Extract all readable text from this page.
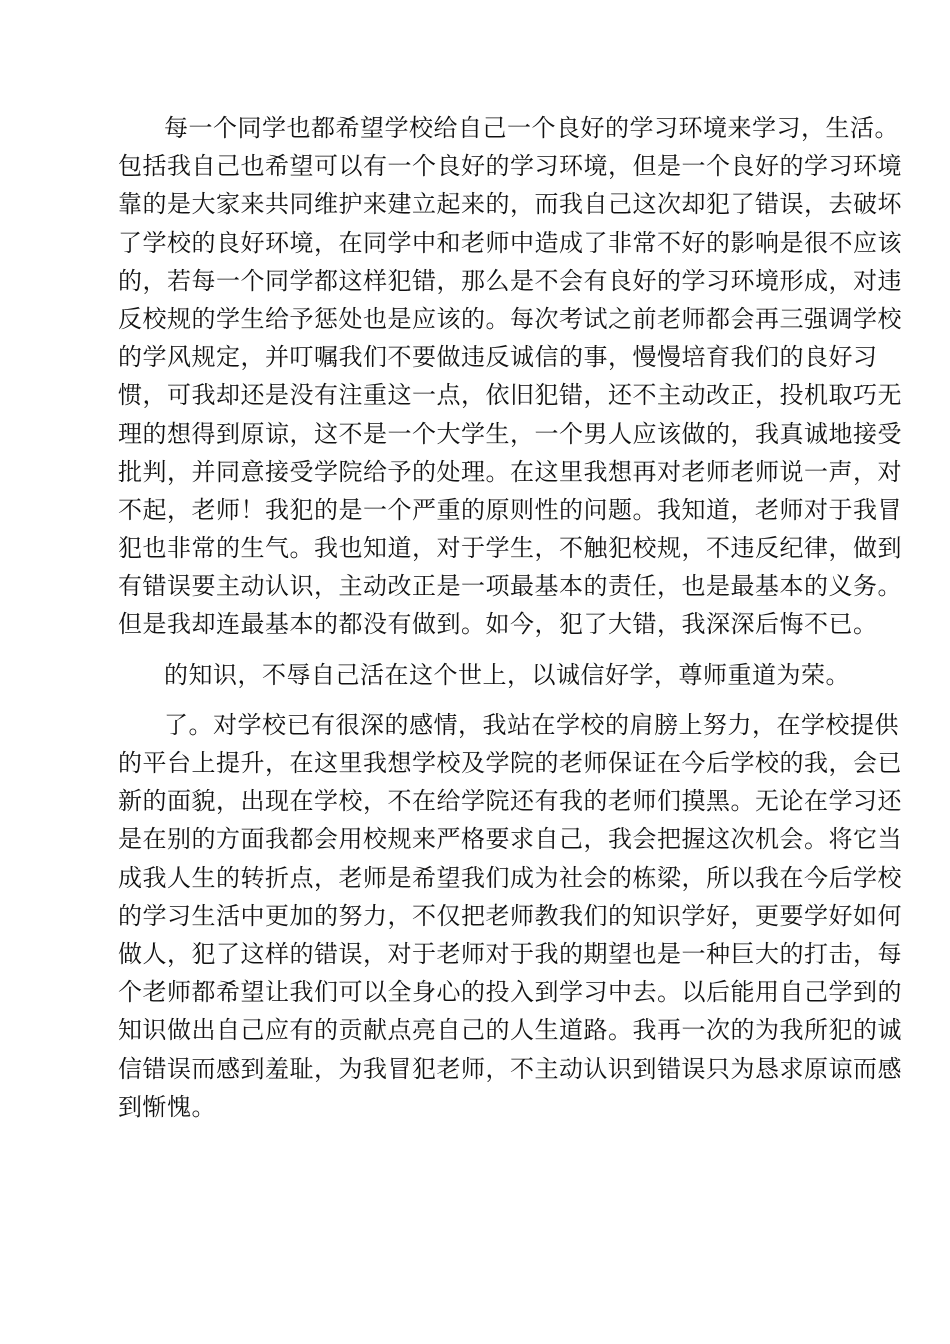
每一个同学也都希望学校给自己一个良好的学习环境来学习，生活。
包括我自己也希望可以有一个良好的学习环境，但是一个良好的学习环境
靠的是大家来共同维护来建立起来的，而我自己这次却犯了错误，去破坏
了学校的良好环境，在同学中和老师中造成了非常不好的影响是很不应该
的，若每一个同学都这样犯错，那么是不会有良好的学习环境形成，对违
反校规的学生给予惩处也是应该的。每次考试之前老师都会再三强调学校
的学风规定，并叮嘱我们不要做违反诚信的事，慢慢培育我们的良好习
惯，可我却还是没有注重这一点，依旧犯错，还不主动改正，投机取巧无
理的想得到原谅，这不是一个大学生，一个男人应该做的，我真诚地接受
批判，并同意接受学院给予的处理。在这里我想再对老师老师说一声，对
不起，老师！我犯的是一个严重的原则性的问题。我知道，老师对于我冒
犯也非常的生气。我也知道，对于学生，不触犯校规，不违反纪律，做到
有错误要主动认识，主动改正是一项最基本的责任，也是最基本的义务。
但是我却连最基本的都没有做到。如今，犯了大错，我深深后悔不已。
的知识，不辱自己活在这个世上，以诚信好学，尊师重道为荣。
了。对学校已有很深的感情，我站在学校的肩膀上努力，在学校提供
的平台上提升，在这里我想学校及学院的老师保证在今后学校的我，会已
新的面貌，出现在学校，不在给学院还有我的老师们摸黑。无论在学习还
是在别的方面我都会用校规来严格要求自己，我会把握这次机会。将它当
成我人生的转折点，老师是希望我们成为社会的栋梁，所以我在今后学校
的学习生活中更加的努力，不仅把老师教我们的知识学好，更要学好如何
做人，犯了这样的错误，对于老师对于我的期望也是一种巨大的打击，每
个老师都希望让我们可以全身心的投入到学习中去。以后能用自己学到的
知识做出自己应有的贡献点亮自己的人生道路。我再一次的为我所犯的诚
信错误而感到羞耻，为我冒犯老师，不主动认识到错误只为恳求原谅而感
到惭愧。
